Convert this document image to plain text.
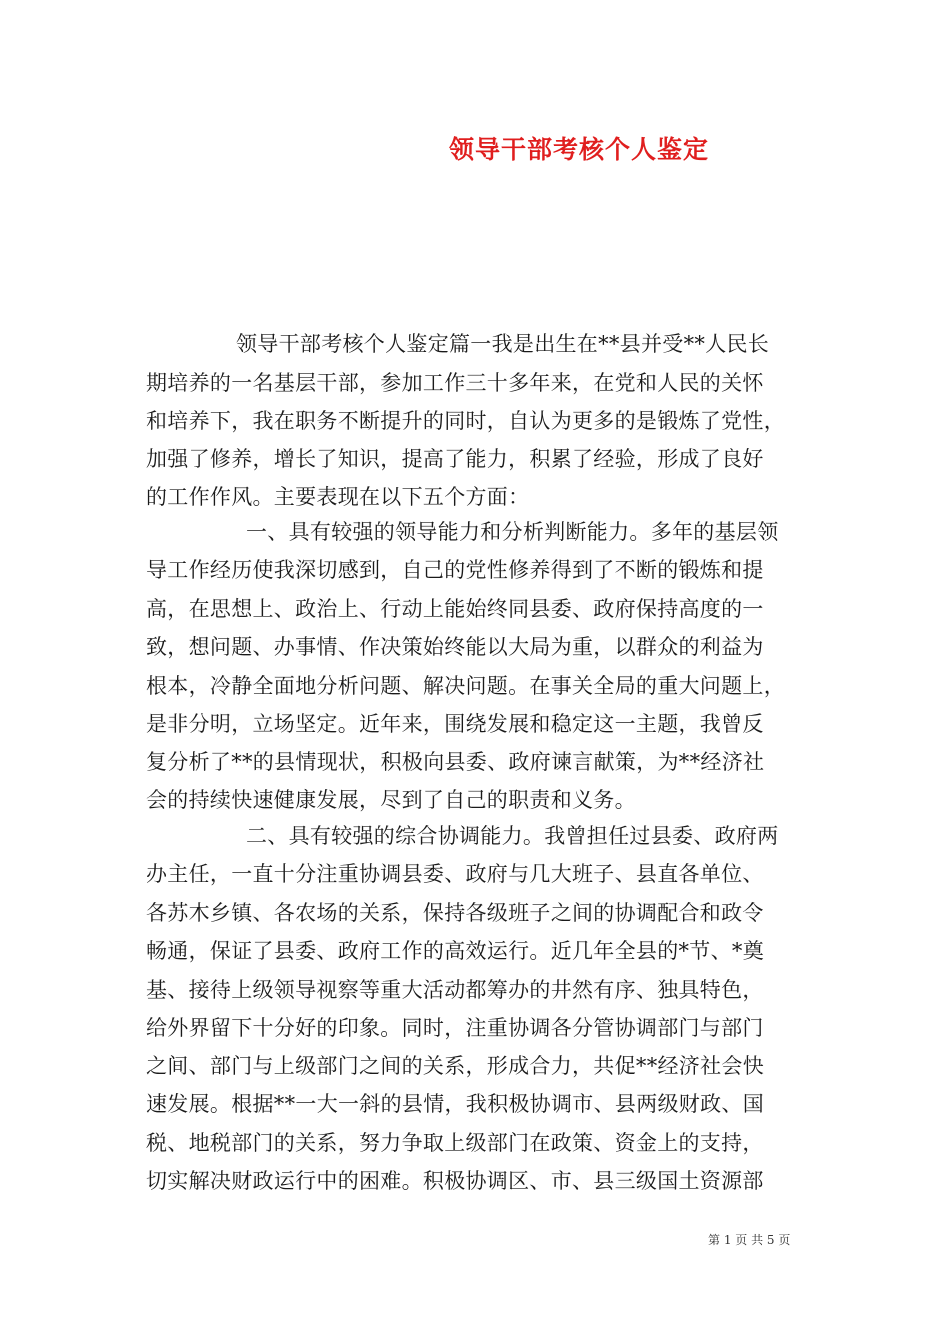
领导干部考核个人鉴定
领导干部考核个人鉴定篇一我是出生在**县并受**人民长
期培养的一名基层干部，参加工作三十多年来，在党和人民的关怀
和培养下，我在职务不断提升的同时，自认为更多的是锻炼了党性，
加强了修养，增长了知识，提高了能力，积累了经验，形成了良好
的工作作风。主要表现在以下五个方面：
一、具有较强的领导能力和分析判断能力。多年的基层领
导工作经历使我深切感到，自己的党性修养得到了不断的锻炼和提
高，在思想上、政治上、行动上能始终同县委、政府保持高度的一
致，想问题、办事情、作决策始终能以大局为重，以群众的利益为
根本，冷静全面地分析问题、解决问题。在事关全局的重大问题上，
是非分明，立场坚定。近年来，围绕发展和稳定这一主题，我曾反
复分析了**的县情现状，积极向县委、政府谏言献策，为**经济社
会的持续快速健康发展，尽到了自己的职责和义务。
二、具有较强的综合协调能力。我曾担任过县委、政府两
办主任，一直十分注重协调县委、政府与几大班子、县直各单位、
各苏木乡镇、各农场的关系，保持各级班子之间的协调配合和政令
畅通，保证了县委、政府工作的高效运行。近几年全县的*节、*奠
基、接待上级领导视察等重大活动都筹办的井然有序、独具特色，
给外界留下十分好的印象。同时，注重协调各分管协调部门与部门
之间、部门与上级部门之间的关系，形成合力，共促**经济社会快
速发展。根据**一大一斜的县情，我积极协调市、县两级财政、国
税、地税部门的关系，努力争取上级部门在政策、资金上的支持，
切实解决财政运行中的困难。积极协调区、市、县三级国土资源部
第 1 页 共 5 页
